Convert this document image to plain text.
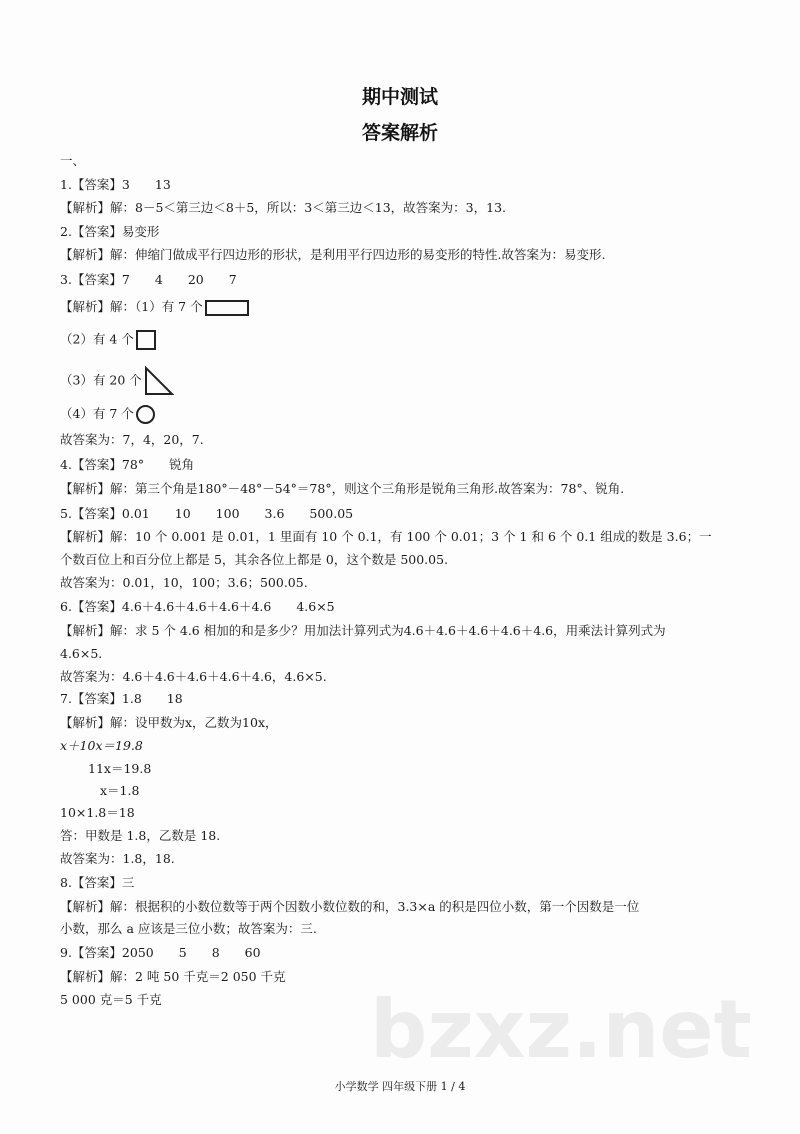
期中测试
答案解析
一、
1.【答案】3　　13
【解析】解：8－5＜第三边＜8＋5，所以：3＜第三边＜13，故答案为：3，13.
2.【答案】易变形
【解析】解：伸缩门做成平行四边形的形状，是利用平行四边形的易变形的特性.故答案为：易变形.
3.【答案】7　　4　　20　　7
【解析】解：（1）有 7 个
（2）有 4 个
（3）有 20 个
（4）有 7 个
故答案为：7，4，20，7.
4.【答案】78°　　锐角
【解析】解：第三个角是180°－48°－54°＝78°，则这个三角形是锐角三角形.故答案为：78°、锐角.
5.【答案】0.01　　10　　100　　3.6　　500.05
【解析】解：10 个 0.001 是 0.01，1 里面有 10 个 0.1，有 100 个 0.01；3 个 1 和 6 个 0.1 组成的数是 3.6；一
个数百位上和百分位上都是 5，其余各位上都是 0，这个数是 500.05.
故答案为：0.01，10，100；3.6；500.05.
6.【答案】4.6＋4.6＋4.6＋4.6＋4.6　　4.6×5
【解析】解：求 5 个 4.6 相加的和是多少？用加法计算列式为4.6＋4.6＋4.6＋4.6＋4.6，用乘法计算列式为
4.6×5.
故答案为：4.6＋4.6＋4.6＋4.6＋4.6，4.6×5.
7.【答案】1.8　　18
【解析】解：设甲数为x，乙数为10x，
x＋10x＝19.8
11x＝19.8
x＝1.8
10×1.8＝18
答：甲数是 1.8，乙数是 18.
故答案为：1.8，18.
8.【答案】三
【解析】解：根据积的小数位数等于两个因数小数位数的和，3.3×a 的积是四位小数，第一个因数是一位
小数，那么 a 应该是三位小数；故答案为：三.
9.【答案】2050　　5　　8　　60
【解析】解：2 吨 50 千克＝2 050 千克
5 000 克＝5 千克	bzxz.net
小学数学 四年级下册 1 / 4
